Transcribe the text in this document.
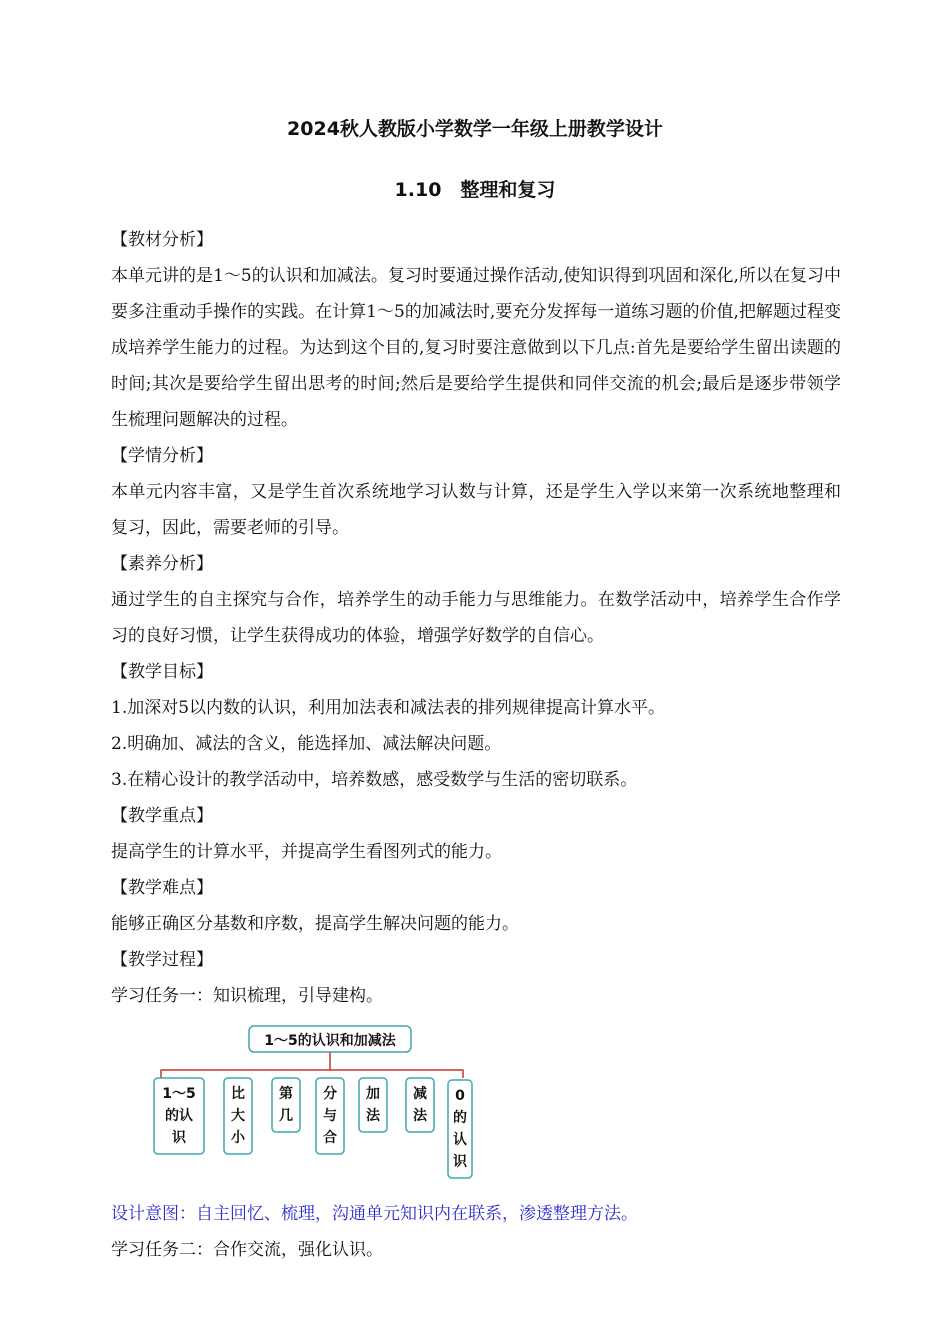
2024秋人教版小学数学一年级上册教学设计
1.10　整理和复习

【教材分析】

本单元讲的是1～5的认识和加减法。复习时要通过操作活动,使知识得到巩固和深化,所以在复习中要多注重动手操作的实践。在计算1～5的加减法时,要充分发挥每一道练习题的价值,把解题过程变成培养学生能力的过程。为达到这个目的,复习时要注意做到以下几点:首先是要给学生留出读题的时间;其次是要给学生留出思考的时间;然后是要给学生提供和同伴交流的机会;最后是逐步带领学生梳理问题解决的过程。

【学情分析】

本单元内容丰富，又是学生首次系统地学习认数与计算，还是学生入学以来第一次系统地整理和复习，因此，需要老师的引导。

【素养分析】

通过学生的自主探究与合作，培养学生的动手能力与思维能力。在数学活动中，培养学生合作学习的良好习惯，让学生获得成功的体验，增强学好数学的自信心。

【教学目标】

1.加深对5以内数的认识，利用加法表和减法表的排列规律提高计算水平。

2.明确加、减法的含义，能选择加、减法解决问题。

3.在精心设计的教学活动中，培养数感，感受数学与生活的密切联系。

【教学重点】

提高学生的计算水平，并提高学生看图列式的能力。

【教学难点】

能够正确区分基数和序数，提高学生解决问题的能力。

【教学过程】

学习任务一：知识梳理，引导建构。

1～5的认识和加减法
1～5
的认
识
比
大
小
第
几
分
与
合
加
法
减
法
0
的
认
识

设计意图：自主回忆、梳理，沟通单元知识内在联系，渗透整理方法。

学习任务二：合作交流，强化认识。
